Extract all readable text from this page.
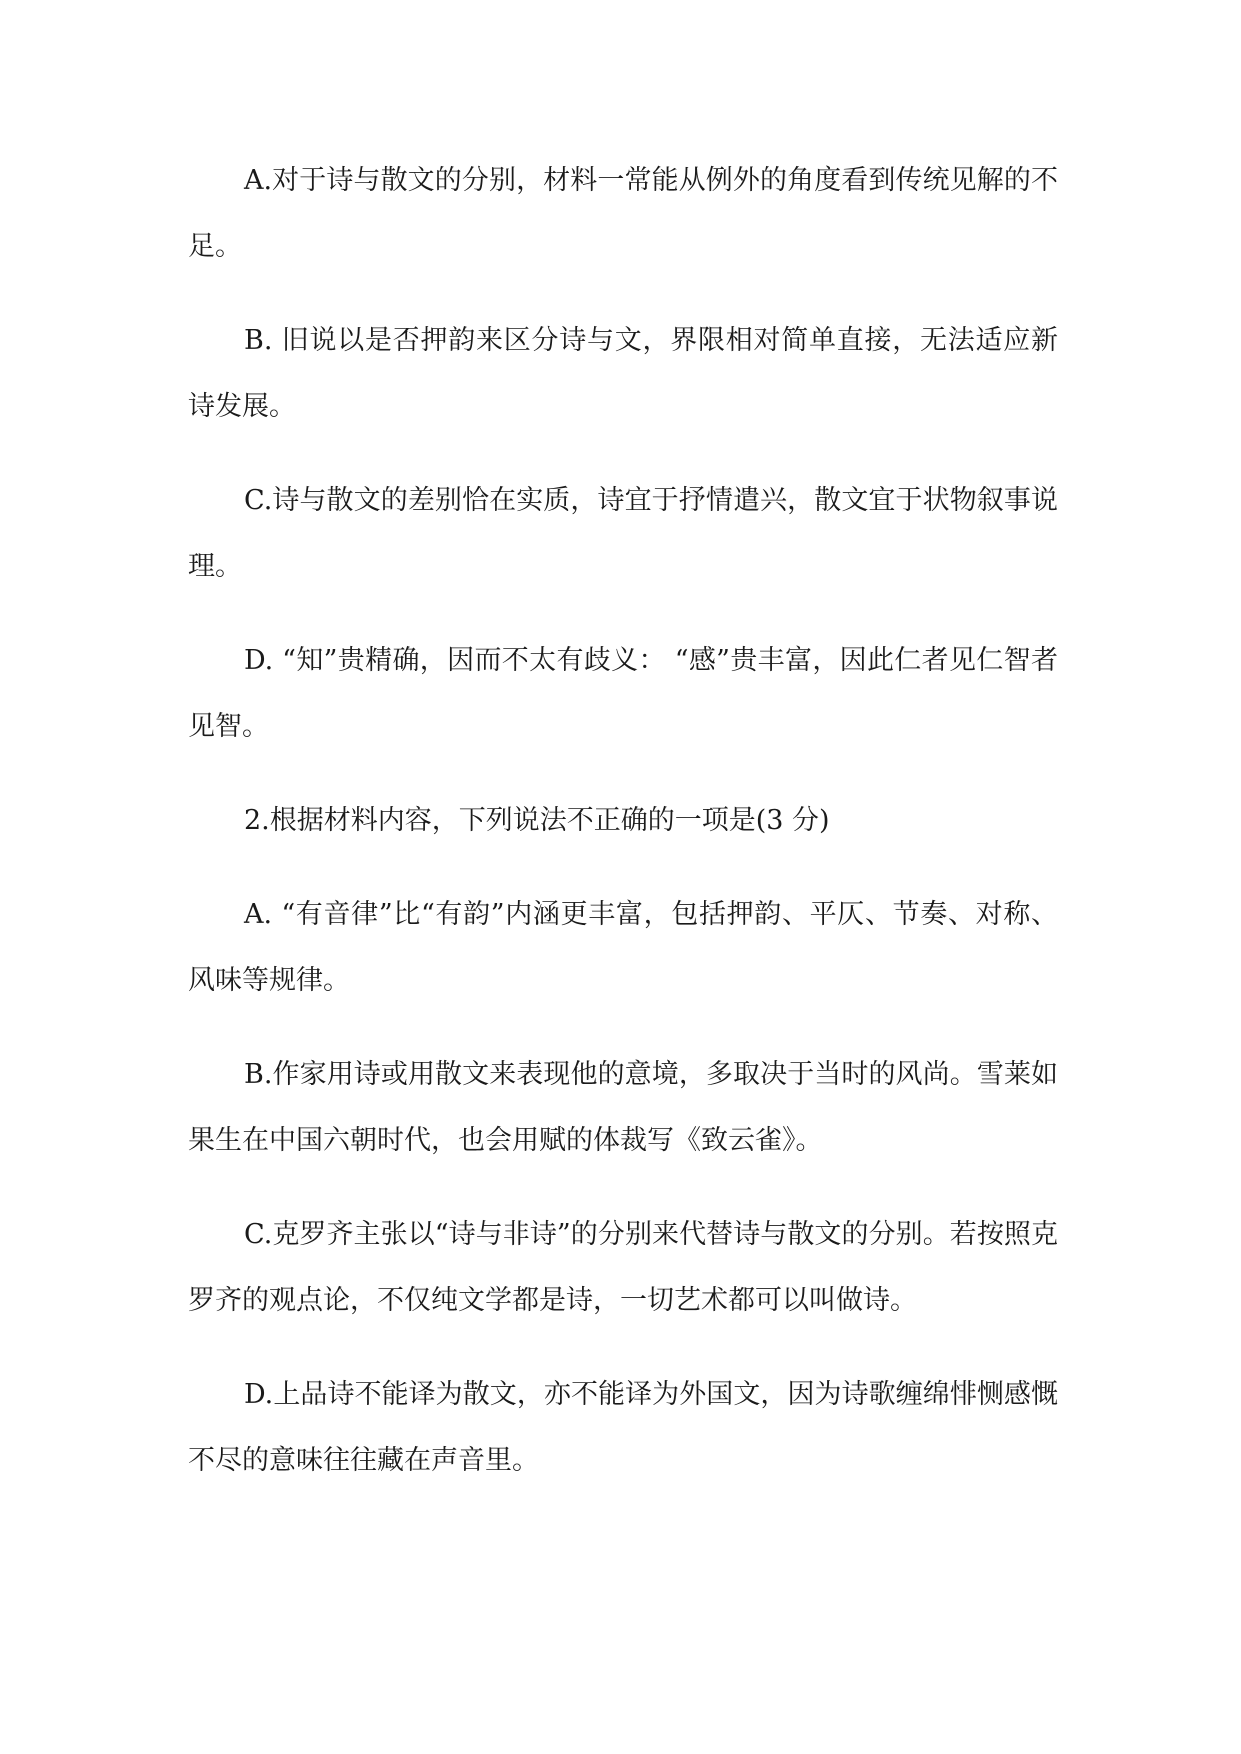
A.对于诗与散文的分别，材料一常能从例外的角度看到传统见解的不足。

B. 旧说以是否押韵来区分诗与文，界限相对简单直接，无法适应新诗发展。

C.诗与散文的差别恰在实质，诗宜于抒情遣兴，散文宜于状物叙事说理。

D. “知”贵精确，因而不太有歧义： “感”贵丰富，因此仁者见仁智者见智。

2.根据材料内容，下列说法不正确的一项是(3 分)

A. “有音律”比“有韵”内涵更丰富，包括押韵、平仄、节奏、对称、风味等规律。

B.作家用诗或用散文来表现他的意境，多取决于当时的风尚。雪莱如果生在中国六朝时代，也会用赋的体裁写《致云雀》。

C.克罗齐主张以“诗与非诗”的分别来代替诗与散文的分别。若按照克罗齐的观点论，不仅纯文学都是诗，一切艺术都可以叫做诗。

D.上品诗不能译为散文，亦不能译为外国文，因为诗歌缠绵悱恻感慨不尽的意味往往藏在声音里。
